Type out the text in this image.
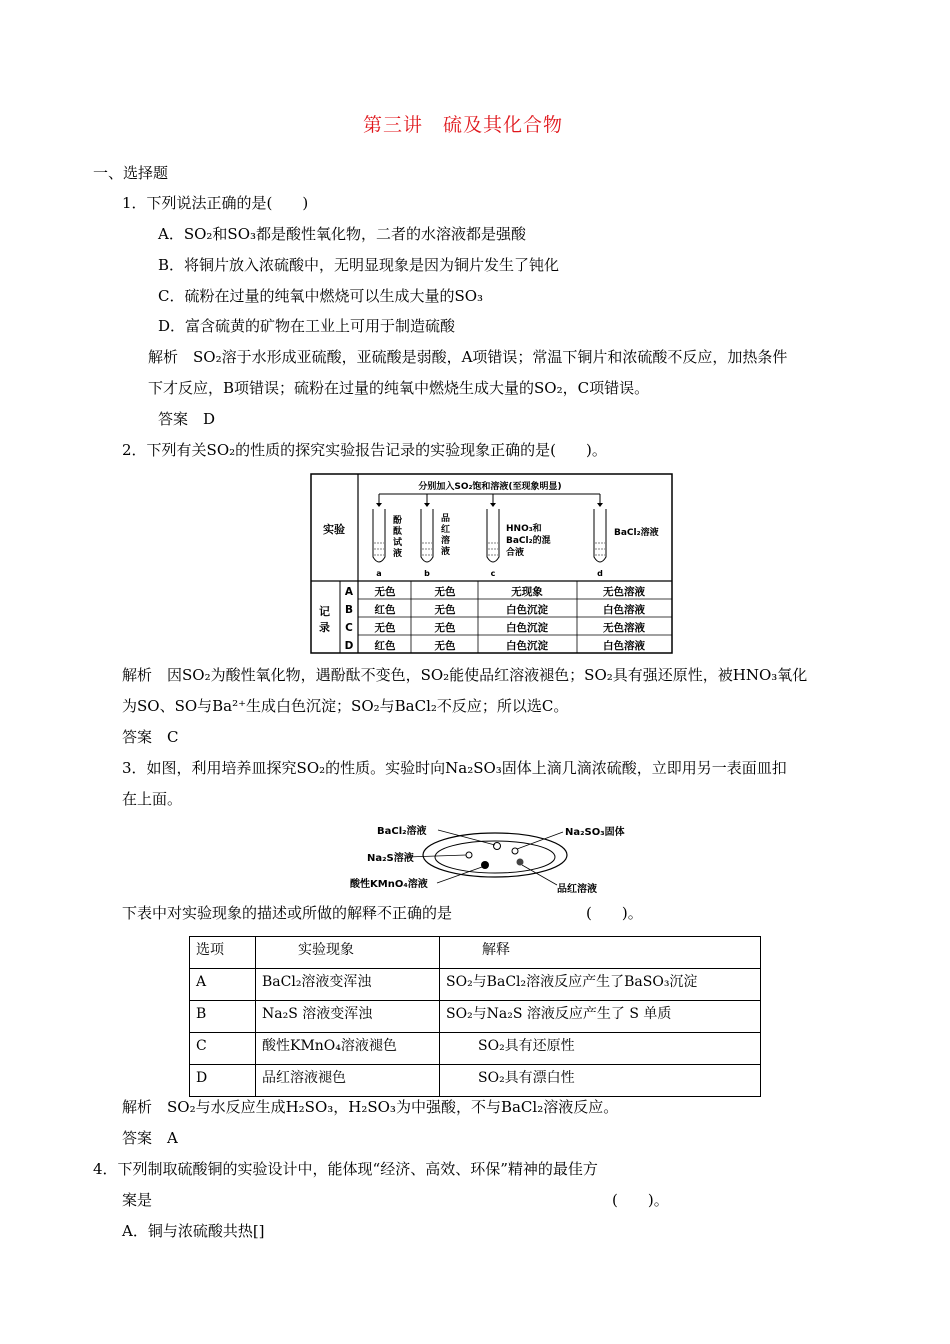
第三讲　硫及其化合物
一、选择题
1．下列说法正确的是(　　)
A．SO₂和SO₃都是酸性氧化物，二者的水溶液都是强酸
B．将铜片放入浓硫酸中，无明显现象是因为铜片发生了钝化
C．硫粉在过量的纯氧中燃烧可以生成大量的SO₃
D．富含硫黄的矿物在工业上可用于制造硫酸
解析　SO₂溶于水形成亚硫酸，亚硫酸是弱酸，A项错误；常温下铜片和浓硫酸不反应，加热条件
下才反应，B项错误；硫粉在过量的纯氧中燃烧生成大量的SO₂，C项错误。
答案　D
2．下列有关SO₂的性质的探究实验报告记录的实验现象正确的是(　　)。
实验
分别加入SO₂饱和溶液(至现象明显)
酚酞试液
品红溶液
HNO₃和 BaCl₂的混合液
BaCl₂溶液
a	b	c	d
记录
A 无色	无色	无现象	无色溶液
B 红色	无色	白色沉淀	白色溶液
C 无色	无色	白色沉淀	无色溶液
D 红色	无色	白色沉淀	白色溶液
解析　因SO₂为酸性氧化物，遇酚酞不变色，SO₂能使品红溶液褪色；SO₂具有强还原性，被HNO₃氧化
为SO、SO与Ba²⁺生成白色沉淀；SO₂与BaCl₂不反应；所以选C。
答案　C
3．如图，利用培养皿探究SO₂的性质。实验时向Na₂SO₃固体上滴几滴浓硫酸，立即用另一表面皿扣
在上面。
BaCl₂溶液	Na₂SO₃固体
Na₂S溶液
酸性KMnO₄溶液	品红溶液
下表中对实验现象的描述或所做的解释不正确的是	(　　)。
选项	实验现象	解释
A	BaCl₂溶液变浑浊	SO₂与BaCl₂溶液反应产生了BaSO₃沉淀
B	Na₂S 溶液变浑浊	SO₂与Na₂S 溶液反应产生了 S 单质
C	酸性KMnO₄溶液褪色	SO₂具有还原性
D	品红溶液褪色	SO₂具有漂白性
解析　SO₂与水反应生成H₂SO₃，H₂SO₃为中强酸，不与BaCl₂溶液反应。
答案　A
4．下列制取硫酸铜的实验设计中，能体现“经济、高效、环保”精神的最佳方
案是	(　　)。
A．铜与浓硫酸共热[]
